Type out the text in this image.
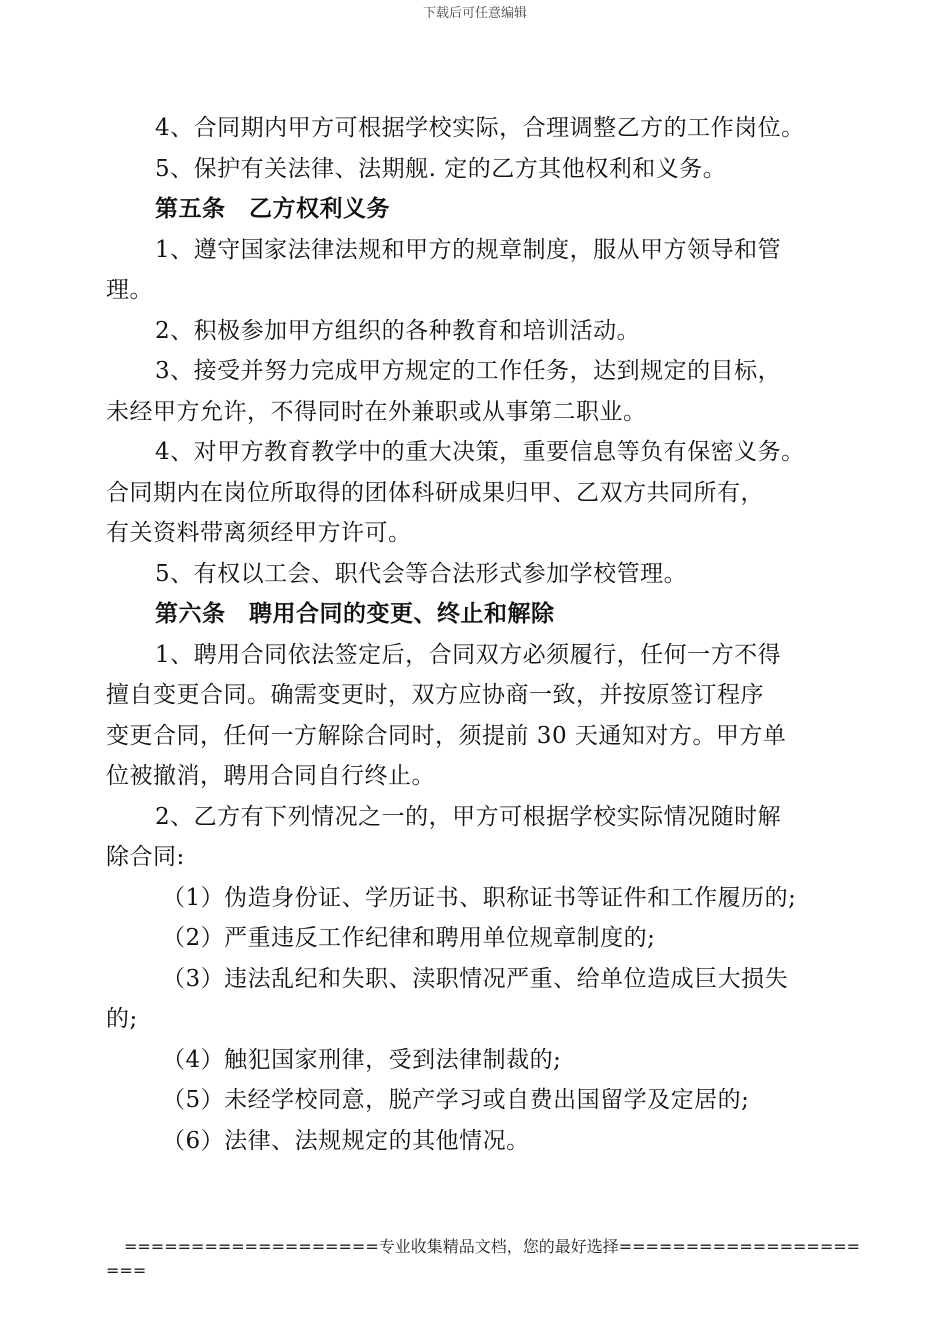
下载后可任意编辑
4、合同期内甲方可根据学校实际，合理调整乙方的工作岗位。
5、保护有关法律、法期舰. 定的乙方其他权利和义务。
第五条　乙方权利义务
1、遵守国家法律法规和甲方的规章制度，服从甲方领导和管
理。
2、积极参加甲方组织的各种教育和培训活动。
3、接受并努力完成甲方规定的工作任务，达到规定的目标，
未经甲方允许，不得同时在外兼职或从事第二职业。
4、对甲方教育教学中的重大决策，重要信息等负有保密义务。
合同期内在岗位所取得的团体科研成果归甲、乙双方共同所有，
有关资料带离须经甲方许可。
5、有权以工会、职代会等合法形式参加学校管理。
第六条　聘用合同的变更、终止和解除
1、聘用合同依法签定后，合同双方必须履行，任何一方不得
擅自变更合同。确需变更时，双方应协商一致，并按原签订程序
变更合同，任何一方解除合同时，须提前 30 天通知对方。甲方单
位被撤消，聘用合同自行终止。
2、乙方有下列情况之一的，甲方可根据学校实际情况随时解
除合同:
（1）伪造身份证、学历证书、职称证书等证件和工作履历的;
（2）严重违反工作纪律和聘用单位规章制度的;
（3）违法乱纪和失职、渎职情况严重、给单位造成巨大损失
的;
（4）触犯国家刑律，受到法律制裁的;
（5）未经学校同意，脱产学习或自费出国留学及定居的;
（6）法律、法规规定的其他情况。
===================专业收集精品文档，您的最好选择==================
===
